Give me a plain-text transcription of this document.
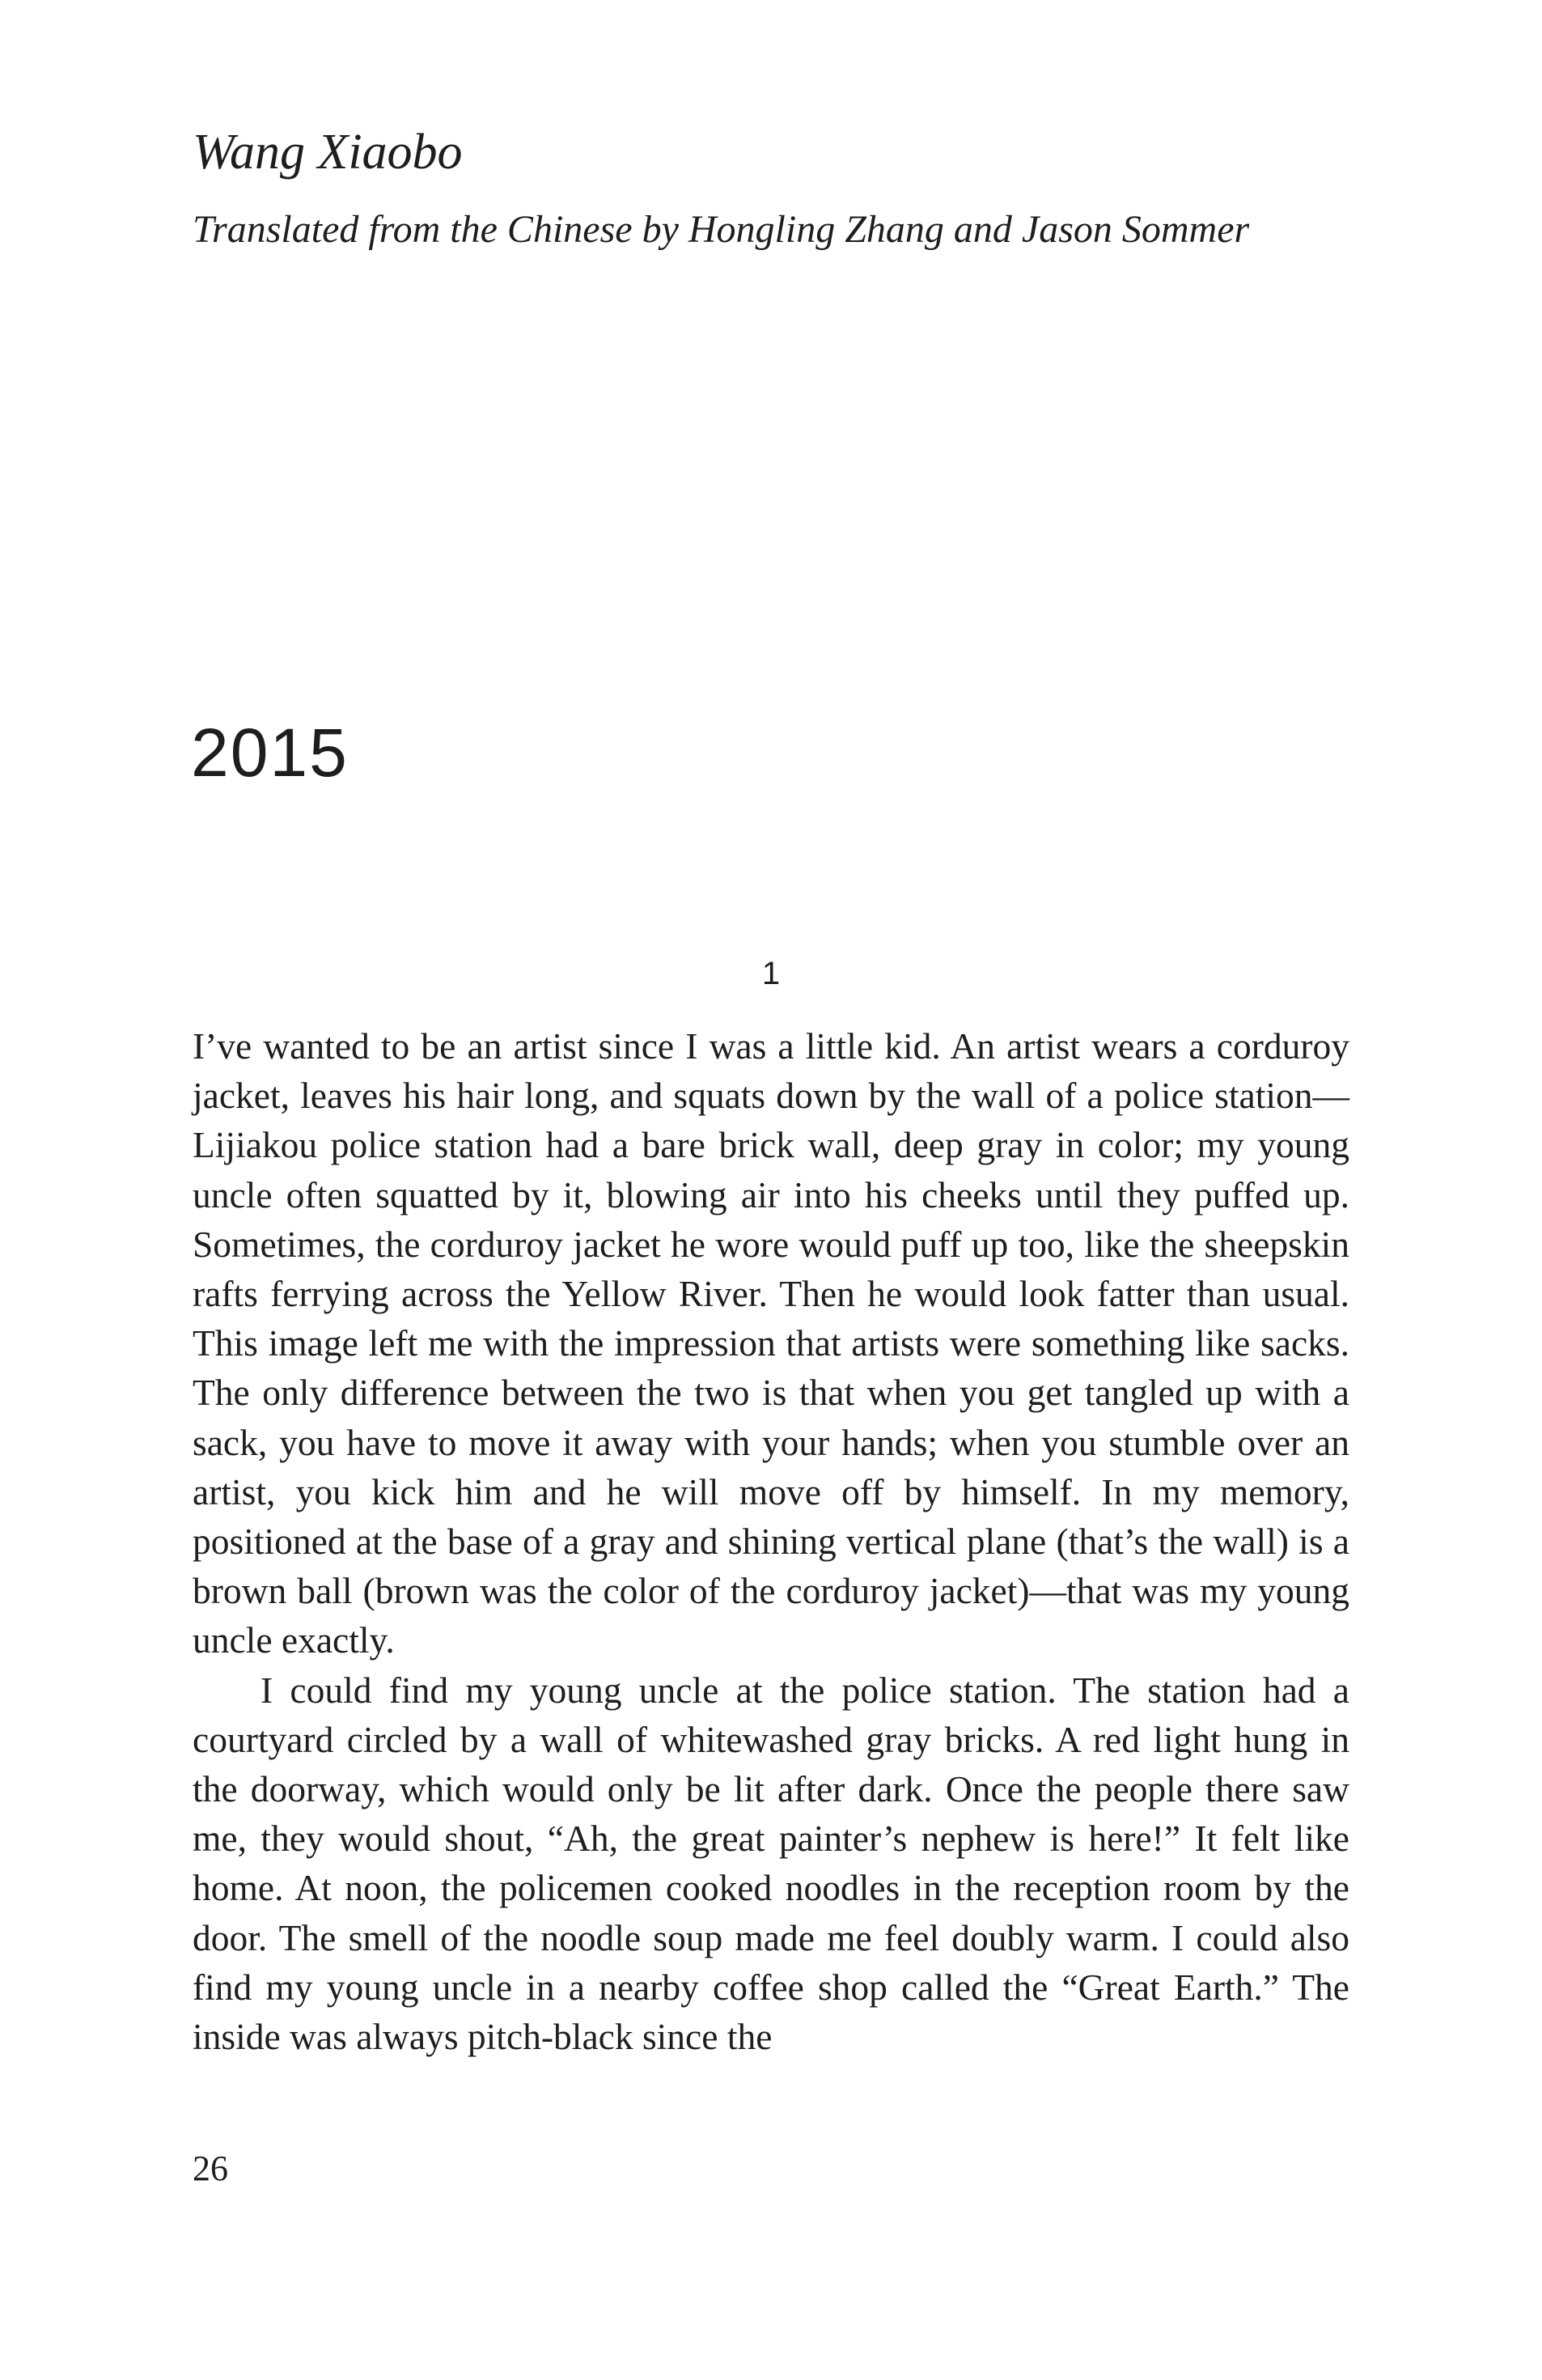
Wang Xiaobo
Translated from the Chinese by Hongling Zhang and Jason Sommer
2015
1

I’ve wanted to be an artist since I was a little kid. An artist wears a corduroy jacket, leaves his hair long, and squats down by the wall of a police station—Lijiakou police station had a bare brick wall, deep gray in color; my young uncle often squatted by it, blowing air into his cheeks until they puffed up. Sometimes, the corduroy jacket he wore would puff up too, like the sheepskin rafts ferrying across the Yellow River. Then he would look fatter than usual. This image left me with the impression that artists were something like sacks. The only difference between the two is that when you get tangled up with a sack, you have to move it away with your hands; when you stumble over an artist, you kick him and he will move off by himself. In my memory, positioned at the base of a gray and shining vertical plane (that’s the wall) is a brown ball (brown was the color of the corduroy jacket)—that was my young uncle exactly.

I could find my young uncle at the police station. The station had a courtyard circled by a wall of whitewashed gray bricks. A red light hung in the doorway, which would only be lit after dark. Once the people there saw me, they would shout, “Ah, the great painter’s nephew is here!” It felt like home. At noon, the policemen cooked noodles in the reception room by the door. The smell of the noodle soup made me feel doubly warm. I could also find my young uncle in a nearby coffee shop called the “Great Earth.” The inside was always pitch-black since the

26
